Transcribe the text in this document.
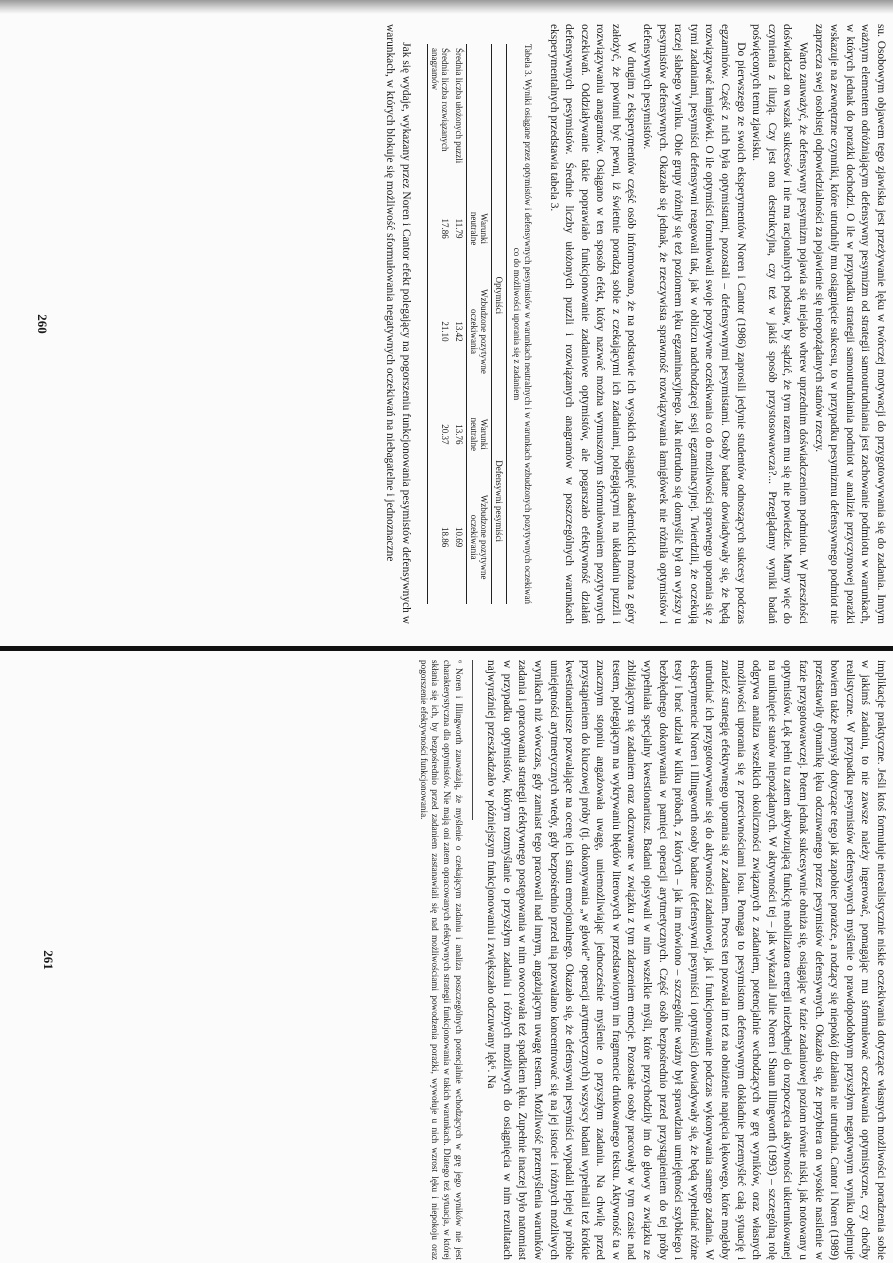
su. Osobowym objawem tego zjawiska jest przeżywanie lęku w twórczej motywacji do przygotowywania się do zadania. Innym ważnym elementem odróżniającym defensywny pesymizm od strategii samoutrudniania jest zachowanie podmiotu w warunkach, w których jednak do porażki dochodzi. O ile w przypadku strategii samoutrudniania podmiot w analizie przyczynowej porażki wskazuje na zewnętrzne czynniki, które utrudniły mu osiągnięcie sukcesu, to w przypadku pesymizmu defensywnego podmiot nie zaprzecza swej osobistej odpowiedzialności za pojawienie się nieopożądanych stanów rzeczy.

Warto zauważyć, że defensywny pesymizm pojawia się niejako wbrew uprzednim doświadczeniom podmiotu. W przeszłości doświadczał on wszak sukcesów i nie ma racjonalnych podstaw, by sądzić, że tym razem mu się nie powiedzie. Mamy więc do czynienia z iluzją. Czy jest ona destrukcyjna, czy też w jakiś sposób przystosowawcza?... Przeglądamy wyniki badań poświęconych temu zjawisku.

Do pierwszego ze swoich eksperymentów Noren i Cantor (1986) zaprosili jedynie studentów odnoszących sukcesy podczas egzaminów. Część z nich była optymistami, pozostali – defensywnymi pesymistami. Osoby badane dowiadywały się, że będą rozwiązywać łamigłówki. O ile optymiści formułowali swoje pozytywne oczekiwania co do możliwości sprawnego uporania się z tymi zadaniami, pesymiści defensywni reagowali tak, jak w obliczu nadchodzącej sesji egzaminacyjnej. Twierdzili, że oczekują raczej słabego wyniku. Obie grupy różniły się też poziomem lęku egzaminacyjnego. Jak nietrudno się domyślić był on wyższy u pesymistów defensywnych. Okazało się jednak, że rzeczywista sprawność rozwiązywania łamigłówek nie różniła optymistów i defensywnych pesymistów.

W drugim z eksperymentów część osób informowano, że na podstawie ich wysokich osiągnięć akademickich można z góry założyć, że powinni być pewni, iż świetnie poradzą sobie z czekającymi ich zadaniami, polegającymi na układaniu puzzli i rozwiązywaniu anagramów. Osiągano w ten sposób efekt, który nazwać można wymuszonym sformułowaniem pozytywnych oczekiwań. Oddziaływanie takie poprawiało funkcjonowanie zadaniowe optymistów, ale pogarszało efektywność działań defensywnych pesymistów. Średnie liczby ułożonych puzzli i rozwiązanych anagramów w poszczególnych warunkach eksperymentalnych przedstawia tabela 3.

Tabela 3. Wyniki osiągane przez optymistów i defensywnych pesymistów w warunkach neutralnych i w warunkach wzbudzonych pozytywnych oczekiwań co do możliwości uporania się z zadaniem
	Optymiści		Defensywni pesymiści	
	Warunki neutralne	Wzbudzone pozytywne oczekiwania	Warunki neutralne	Wzbudzone pozytywne oczekiwania
Średnia liczba ułożonych puzzli	11.79	13.42	13.76	10.69
Średnia liczba rozwiązanych anagramów	17.86	21.10	20.37	18.86

Jak się wydaje, wykazany przez Noren i Cantor efekt polegający na pogorszeniu funkcjonowania pesymistów defensywnych w warunkach, w których blokuje się możliwość sformułowania negatywnych oczekiwań na niebagatelne i jednoznaczne

260

implikacje praktyczne. Jeśli ktoś formułuje nierealistycznie niskie oczekiwania dotyczące własnych możliwości poradzenia sobie w jakimś zadaniu, to nie zawsze należy ingerować, pomagając mu sformułować oczekiwania optymistyczne, czy choćby realistyczne. W przypadku pesymistów defensywnych myślenie o prawdopodobnym przyszłym negatywnym wyniku obejmuje bowiem także pomysły dotyczące tego jak zapobiec porażce, a rodzący się niepokój działania nie utrudnia. Cantor i Noren (1989) przedstawiły dynamikę lęku odczuwanego przez pesymistów defensywnych. Okazało się, że przybiera on wysokie nasilenie w fazie przygotowawczej. Potem jednak sukcesywnie obniża się, osiągając w fazie zadaniowej poziom równie niski, jak notowany u optymistów. Lęk pełni tu zatem aktywizującą funkcję mobilizatora energii niezbędnej do rozpoczęcia aktywności ukierunkowanej na uniknięcie stanów niepożądanych. W aktywności tej – jak wykazali Julie Noren i Shaun Illingworth (1993) – szczególną rolę odgrywa analiza wszelkich okoliczności związanych z zadaniem, potencjalnie wchodzących w grę wyników, oraz własnych możliwości uporania się z przeciwnościami losu. Pomaga to pesymistom defensywnym dokładnie przemyśleć całą sytuację i znaleźć strategię efektywnego uporania się z zadaniem. Proces ten pozwala im też na obniżenie napięcia lękowego, które mogłoby utrudniać ich przygotowywanie się do aktywności zadaniowej, jak i funkcjonowanie podczas wykonywania samego zadania. W eksperymencie Noren i Illingworth osoby badane (defensywni pesymiści i optymiści) dowiadywały się, że będą wypełniać różne testy i brać udział w kilku próbach, z których – jak im mówiono – szczególnie ważny był sprawdzian umiejętności szybkiego i bezbłędnego dokonywania w pamięci operacji arytmetycznych. Część osób bezpośrednio przed przystąpieniem do tej próby wypełniała specjalny kwestionariusz. Badani opisywali w nim wszelkie myśli, które przychodziły im do głowy w związku ze zbliżającym się zadaniem oraz odczuwane w związku z tym zdarzeniem emocje. Pozostałe osoby pracowały w tym czasie nad testem, polegającym na wykrywaniu błędów literowych w przedstawionym im fragmencie drukowanego tekstu. Aktywność ta w znacznym stopniu angażowała uwagę, uniemożliwiając jednocześnie myślenie o przyszłym zadaniu. Na chwilę przed przystąpieniem do kluczowej próby (tj. dokonywania „w głowie” operacji arytmetycznych) wszyscy badani wypełniali też krótkie kwestionariusze pozwalające na ocenę ich stanu emocjonalnego. Okazało się, że defensywni pesymiści wypadali lepiej w próbie umiejętności arytmetycznych wtedy, gdy bezpośrednio przed nią pozwalano koncentrować się na jej istocie i różnych możliwych wynikach niż wówczas, gdy zamiast tego pracowali nad innym, angażującym uwagę testem. Możliwość przemyślenia warunków zadania i opracowania strategii efektywnego postępowania w nim owocowała też spadkiem lęku. Zupełnie inaczej było natomiast w przypadku optymistów, którym rozmyślanie o przyszłym zadaniu i różnych możliwych do osiągnięcia w nim rezultatach najwyraźniej przeszkadzało w późniejszym funkcjonowaniu i zwiększało odczuwany lęk⁶. Na

⁶ Noren i Illingworth zauważają, że myślenie o czekającym zadaniu i analiza poszczególnych potencjalnie wchodzących w grę jego wyników nie jest charakterystyczna dla optymistów. Nie mają oni zatem opracowanych efektywnych strategii funkcjonowania w takich warunkach. Dlatego też sytuacja, w której skłania się ich, by bezpośrednio przed zadaniem zastanawiali się nad możliwościami powodzenia porażki, wywołuje u nich wzrost lęku i niepokoju oraz pogorszenie efektywności funkcjonowania.
261
